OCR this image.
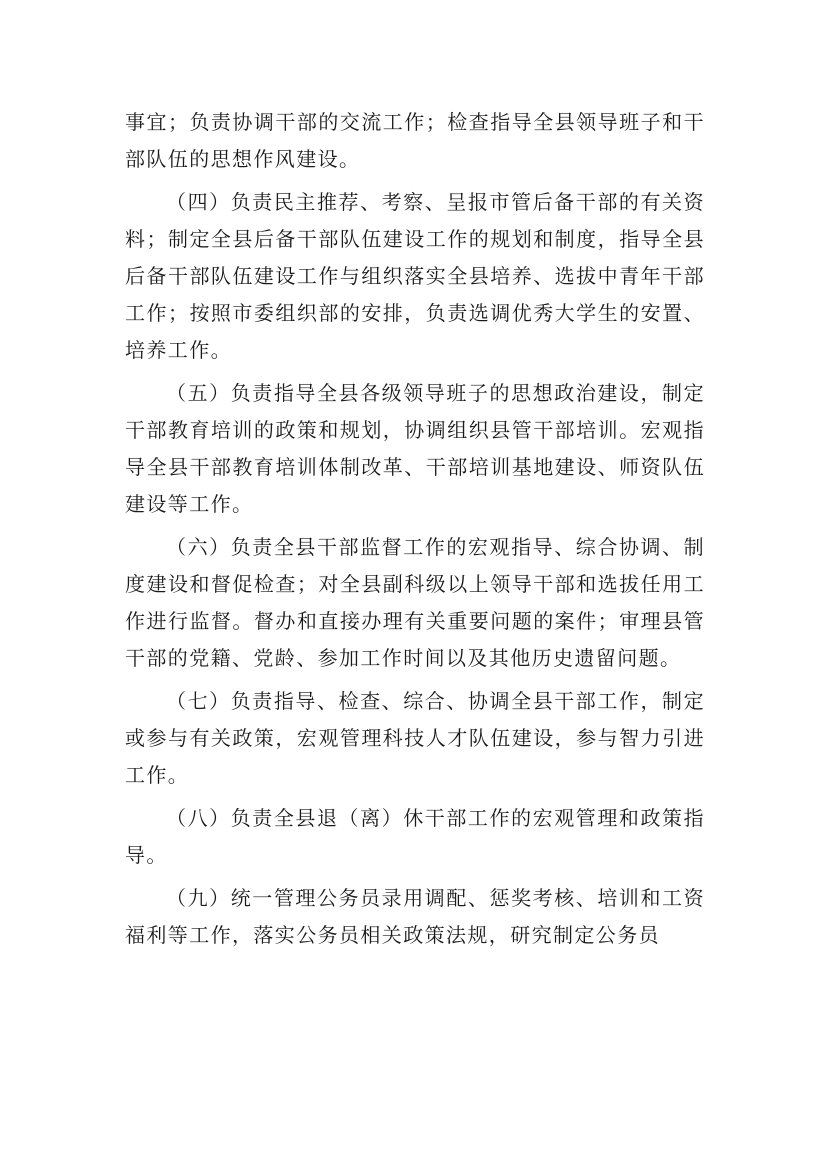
事宜；负责协调干部的交流工作；检查指导全县领导班子和干部队伍的思想作风建设。

（四）负责民主推荐、考察、呈报市管后备干部的有关资料；制定全县后备干部队伍建设工作的规划和制度，指导全县后备干部队伍建设工作与组织落实全县培养、选拔中青年干部工作；按照市委组织部的安排，负责选调优秀大学生的安置、培养工作。

（五）负责指导全县各级领导班子的思想政治建设，制定干部教育培训的政策和规划，协调组织县管干部培训。宏观指导全县干部教育培训体制改革、干部培训基地建设、师资队伍建设等工作。

（六）负责全县干部监督工作的宏观指导、综合协调、制度建设和督促检查；对全县副科级以上领导干部和选拔任用工作进行监督。督办和直接办理有关重要问题的案件；审理县管干部的党籍、党龄、参加工作时间以及其他历史遗留问题。

（七）负责指导、检查、综合、协调全县干部工作，制定或参与有关政策，宏观管理科技人才队伍建设，参与智力引进工作。

（八）负责全县退（离）休干部工作的宏观管理和政策指导。

（九）统一管理公务员录用调配、惩奖考核、培训和工资福利等工作，落实公务员相关政策法规，研究制定公务员
